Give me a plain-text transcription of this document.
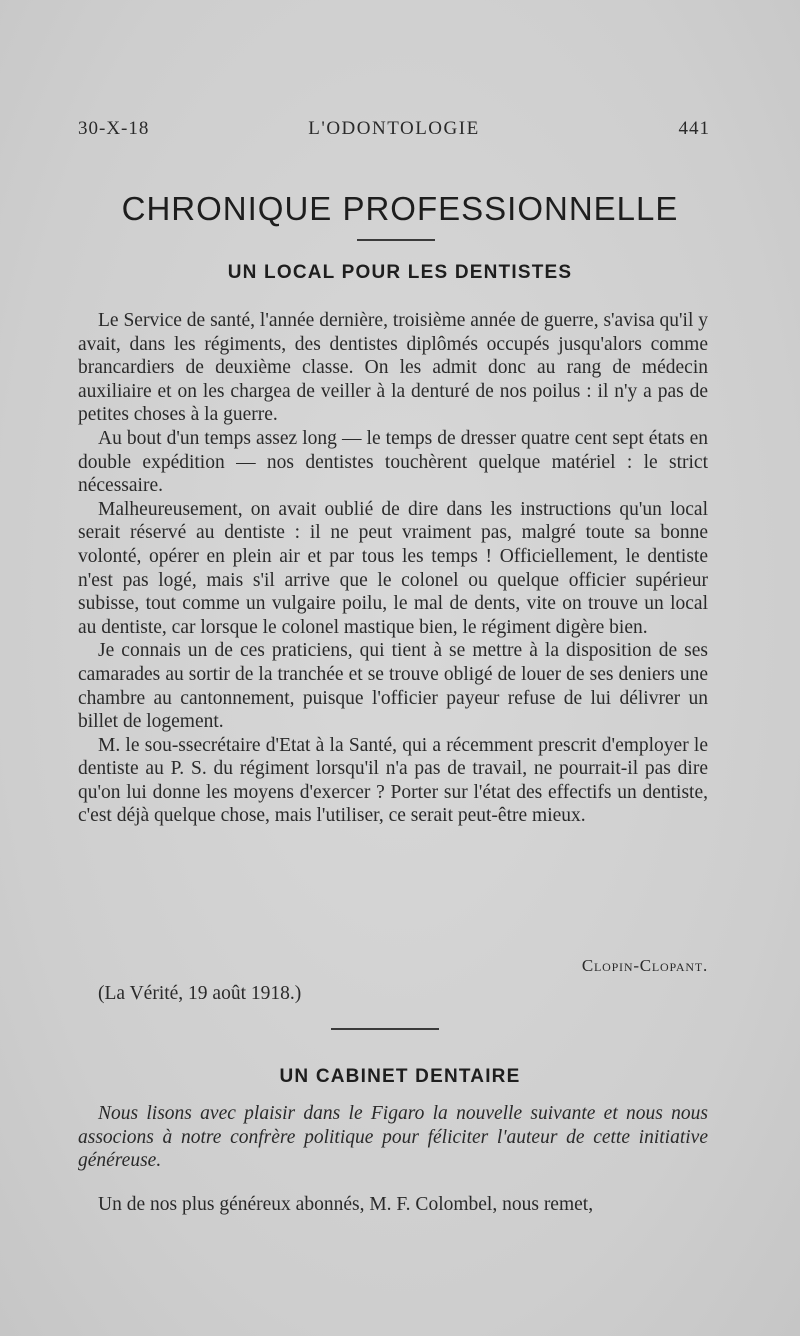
30-X-18	L'ODONTOLOGIE	441
CHRONIQUE PROFESSIONNELLE
UN LOCAL POUR LES DENTISTES

Le Service de santé, l'année dernière, troisième année de guerre, s'avisa qu'il y avait, dans les régiments, des dentistes diplômés occupés jusqu'alors comme brancardiers de deuxième classe. On les admit donc au rang de médecin auxiliaire et on les chargea de veiller à la denturé de nos poilus : il n'y a pas de petites choses à la guerre.

Au bout d'un temps assez long — le temps de dresser quatre cent sept états en double expédition — nos dentistes touchèrent quelque matériel : le strict nécessaire.

Malheureusement, on avait oublié de dire dans les instructions qu'un local serait réservé au dentiste : il ne peut vraiment pas, malgré toute sa bonne volonté, opérer en plein air et par tous les temps ! Officiellement, le dentiste n'est pas logé, mais s'il arrive que le colonel ou quelque officier supérieur subisse, tout comme un vulgaire poilu, le mal de dents, vite on trouve un local au dentiste, car lorsque le colonel mastique bien, le régiment digère bien.

Je connais un de ces praticiens, qui tient à se mettre à la disposition de ses camarades au sortir de la tranchée et se trouve obligé de louer de ses deniers une chambre au cantonnement, puisque l'officier payeur refuse de lui délivrer un billet de logement.

M. le sou-ssecrétaire d'Etat à la Santé, qui a récemment prescrit d'employer le dentiste au P. S. du régiment lorsqu'il n'a pas de travail, ne pourrait-il pas dire qu'on lui donne les moyens d'exercer ? Porter sur l'état des effectifs un dentiste, c'est déjà quelque chose, mais l'utiliser, ce serait peut-être mieux.

Clopin-Clopant.
(La Vérité, 19 août 1918.)
UN CABINET DENTAIRE
Nous lisons avec plaisir dans le Figaro la nouvelle suivante et nous nous associons à notre confrère politique pour féliciter l'auteur de cette initiative généreuse.
Un de nos plus généreux abonnés, M. F. Colombel, nous remet,
